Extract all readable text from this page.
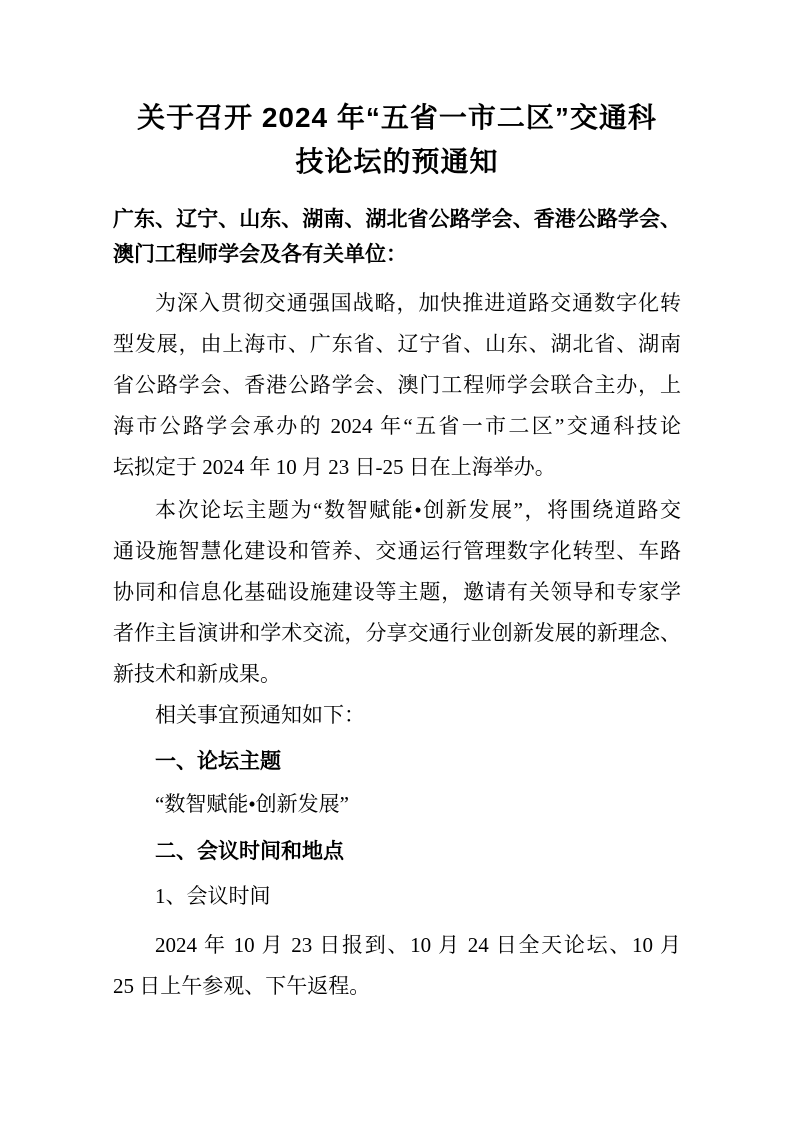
关于召开 2024 年“五省一市二区”交通科
技论坛的预通知

广东、辽宁、山东、湖南、湖北省公路学会、香港公路学会、
澳门工程师学会及各有关单位：

为深入贯彻交通强国战略，加快推进道路交通数字化转
型发展，由上海市、广东省、辽宁省、山东、湖北省、湖南
省公路学会、香港公路学会、澳门工程师学会联合主办，上
海市公路学会承办的 2024 年“五省一市二区”交通科技论
坛拟定于 2024 年 10 月 23 日-25 日在上海举办。

本次论坛主题为“数智赋能•创新发展”，将围绕道路交
通设施智慧化建设和管养、交通运行管理数字化转型、车路
协同和信息化基础设施建设等主题，邀请有关领导和专家学
者作主旨演讲和学术交流，分享交通行业创新发展的新理念、
新技术和新成果。

相关事宜预通知如下：

一、论坛主题

“数智赋能•创新发展”

二、会议时间和地点

1、会议时间

2024 年 10 月 23 日报到、10 月 24 日全天论坛、10 月
25 日上午参观、下午返程。
